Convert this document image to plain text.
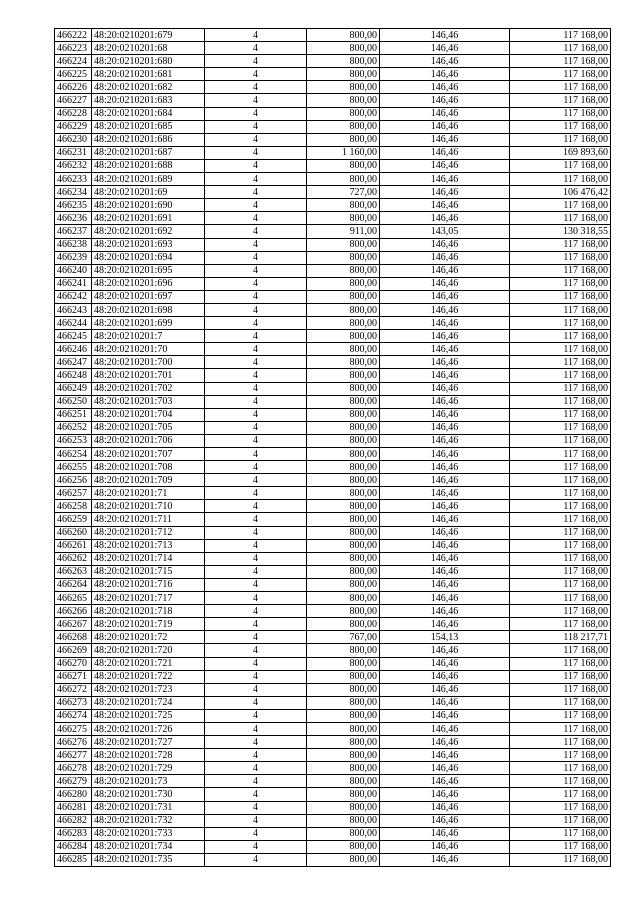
466222	48:20:0210201:679	4	800,00	146,46	117 168,00
466223	48:20:0210201:68	4	800,00	146,46	117 168,00
466224	48:20:0210201:680	4	800,00	146,46	117 168,00
466225	48:20:0210201:681	4	800,00	146,46	117 168,00
466226	48:20:0210201:682	4	800,00	146,46	117 168,00
466227	48:20:0210201:683	4	800,00	146,46	117 168,00
466228	48:20:0210201:684	4	800,00	146,46	117 168,00
466229	48:20:0210201:685	4	800,00	146,46	117 168,00
466230	48:20:0210201:686	4	800,00	146,46	117 168,00
466231	48:20:0210201:687	4	1 160,00	146,46	169 893,60
466232	48:20:0210201:688	4	800,00	146,46	117 168,00
466233	48:20:0210201:689	4	800,00	146,46	117 168,00
466234	48:20:0210201:69	4	727,00	146,46	106 476,42
466235	48:20:0210201:690	4	800,00	146,46	117 168,00
466236	48:20:0210201:691	4	800,00	146,46	117 168,00
466237	48:20:0210201:692	4	911,00	143,05	130 318,55
466238	48:20:0210201:693	4	800,00	146,46	117 168,00
466239	48:20:0210201:694	4	800,00	146,46	117 168,00
466240	48:20:0210201:695	4	800,00	146,46	117 168,00
466241	48:20:0210201:696	4	800,00	146,46	117 168,00
466242	48:20:0210201:697	4	800,00	146,46	117 168,00
466243	48:20:0210201:698	4	800,00	146,46	117 168,00
466244	48:20:0210201:699	4	800,00	146,46	117 168,00
466245	48:20:0210201:7	4	800,00	146,46	117 168,00
466246	48:20:0210201:70	4	800,00	146,46	117 168,00
466247	48:20:0210201:700	4	800,00	146,46	117 168,00
466248	48:20:0210201:701	4	800,00	146,46	117 168,00
466249	48:20:0210201:702	4	800,00	146,46	117 168,00
466250	48:20:0210201:703	4	800,00	146,46	117 168,00
466251	48:20:0210201:704	4	800,00	146,46	117 168,00
466252	48:20:0210201:705	4	800,00	146,46	117 168,00
466253	48:20:0210201:706	4	800,00	146,46	117 168,00
466254	48:20:0210201:707	4	800,00	146,46	117 168,00
466255	48:20:0210201:708	4	800,00	146,46	117 168,00
466256	48:20:0210201:709	4	800,00	146,46	117 168,00
466257	48:20:0210201:71	4	800,00	146,46	117 168,00
466258	48:20:0210201:710	4	800,00	146,46	117 168,00
466259	48:20:0210201:711	4	800,00	146,46	117 168,00
466260	48:20:0210201:712	4	800,00	146,46	117 168,00
466261	48:20:0210201:713	4	800,00	146,46	117 168,00
466262	48:20:0210201:714	4	800,00	146,46	117 168,00
466263	48:20:0210201:715	4	800,00	146,46	117 168,00
466264	48:20:0210201:716	4	800,00	146,46	117 168,00
466265	48:20:0210201:717	4	800,00	146,46	117 168,00
466266	48:20:0210201:718	4	800,00	146,46	117 168,00
466267	48:20:0210201:719	4	800,00	146,46	117 168,00
466268	48:20:0210201:72	4	767,00	154,13	118 217,71
466269	48:20:0210201:720	4	800,00	146,46	117 168,00
466270	48:20:0210201:721	4	800,00	146,46	117 168,00
466271	48:20:0210201:722	4	800,00	146,46	117 168,00
466272	48:20:0210201:723	4	800,00	146,46	117 168,00
466273	48:20:0210201:724	4	800,00	146,46	117 168,00
466274	48:20:0210201:725	4	800,00	146,46	117 168,00
466275	48:20:0210201:726	4	800,00	146,46	117 168,00
466276	48:20:0210201:727	4	800,00	146,46	117 168,00
466277	48:20:0210201:728	4	800,00	146,46	117 168,00
466278	48:20:0210201:729	4	800,00	146,46	117 168,00
466279	48:20:0210201:73	4	800,00	146,46	117 168,00
466280	48:20:0210201:730	4	800,00	146,46	117 168,00
466281	48:20:0210201:731	4	800,00	146,46	117 168,00
466282	48:20:0210201:732	4	800,00	146,46	117 168,00
466283	48:20:0210201:733	4	800,00	146,46	117 168,00
466284	48:20:0210201:734	4	800,00	146,46	117 168,00
466285	48:20:0210201:735	4	800,00	146,46	117 168,00
